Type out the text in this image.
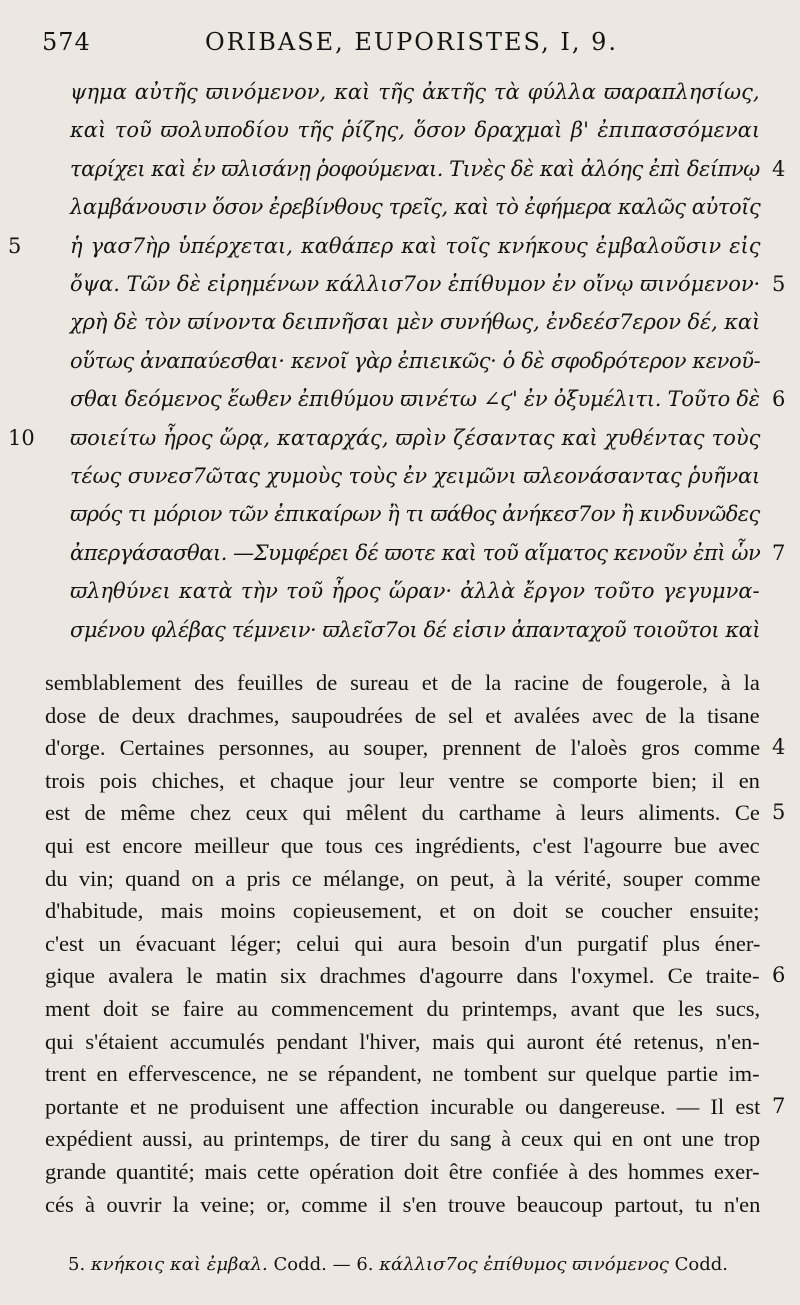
574	ORIBASE, EUPORISTES, I, 9.
ψημα αὐτῆς ϖινόμενον, καὶ τῆς ἀκτῆς τὰ φύλλα ϖαραπλησίως,
καὶ τοῦ ϖολυποδίου τῆς ῥίζης, ὅσον δραχμαὶ β' ἐπιπασσόμεναι
ταρίχει καὶ ἐν ϖλισάνῃ ῥοφούμεναι. Τινὲς δὲ καὶ ἀλόης ἐπὶ δείπνῳ
λαμβάνουσιν ὅσον ἐρεβίνθους τρεῖς, καὶ τὸ ἐφήμερα καλῶς αὐτοῖς
ἡ γασ7ὴρ ὑπέρχεται, καθάπερ καὶ τοῖς κνήκους ἐμβαλοῦσιν εἰς
ὄψα. Τῶν δὲ εἰρημένων κάλλισ7ον ἐπίθυμον ἐν οἴνῳ ϖινόμενον·
χρὴ δὲ τὸν ϖίνοντα δειπνῆσαι μὲν συνήθως, ἐνδεέσ7ερον δέ, καὶ
οὕτως ἀναπαύεσθαι· κενοῖ γὰρ ἐπιεικῶς· ὁ δὲ σφοδρότερον κενοῦ-
σθαι δεόμενος ἕωθεν ἐπιθύμου ϖινέτω ∠ϛ' ἐν ὀξυμέλιτι. Τοῦτο δὲ
ϖοιείτω ἦρος ὥρᾳ, καταρχάς, ϖρὶν ζέσαντας καὶ χυθέντας τοὺς
τέως συνεσ7ῶτας χυμοὺς τοὺς ἐν χειμῶνι ϖλεονάσαντας ῥυῆναι
ϖρός τι μόριον τῶν ἐπικαίρων ἢ τι ϖάθος ἀνήκεσ7ον ἢ κινδυνῶδες
ἀπεργάσασθαι. —Συμφέρει δέ ϖοτε καὶ τοῦ αἵματος κενοῦν ἐπὶ ὧν
ϖληθύνει κατὰ τὴν τοῦ ἦρος ὥραν· ἀλλὰ ἔργον τοῦτο γεγυμνα-
σμένου φλέβας τέμνειν· ϖλεῖσ7οι δέ εἰσιν ἀπανταχοῦ τοιοῦτοι καὶ
5
10
4
5
6
7
semblablement des feuilles de sureau et de la racine de fougerole, à la
dose de deux drachmes, saupoudrées de sel et avalées avec de la tisane
d'orge. Certaines personnes, au souper, prennent de l'aloès gros comme
trois pois chiches, et chaque jour leur ventre se comporte bien; il en
est de même chez ceux qui mêlent du carthame à leurs aliments. Ce
qui est encore meilleur que tous ces ingrédients, c'est l'agourre bue avec
du vin; quand on a pris ce mélange, on peut, à la vérité, souper comme
d'habitude, mais moins copieusement, et on doit se coucher ensuite;
c'est un évacuant léger; celui qui aura besoin d'un purgatif plus éner-
gique avalera le matin six drachmes d'agourre dans l'oxymel. Ce traite-
ment doit se faire au commencement du printemps, avant que les sucs,
qui s'étaient accumulés pendant l'hiver, mais qui auront été retenus, n'en-
trent en effervescence, ne se répandent, ne tombent sur quelque partie im-
portante et ne produisent une affection incurable ou dangereuse. — Il est
expédient aussi, au printemps, de tirer du sang à ceux qui en ont une trop
grande quantité; mais cette opération doit être confiée à des hommes exer-
cés à ouvrir la veine; or, comme il s'en trouve beaucoup partout, tu n'en
4
5
6
7
5. κνήκοις καὶ ἐμβαλ. Codd. — 6. κάλλισ7ος ἐπίθυμος ϖινόμενος Codd.
